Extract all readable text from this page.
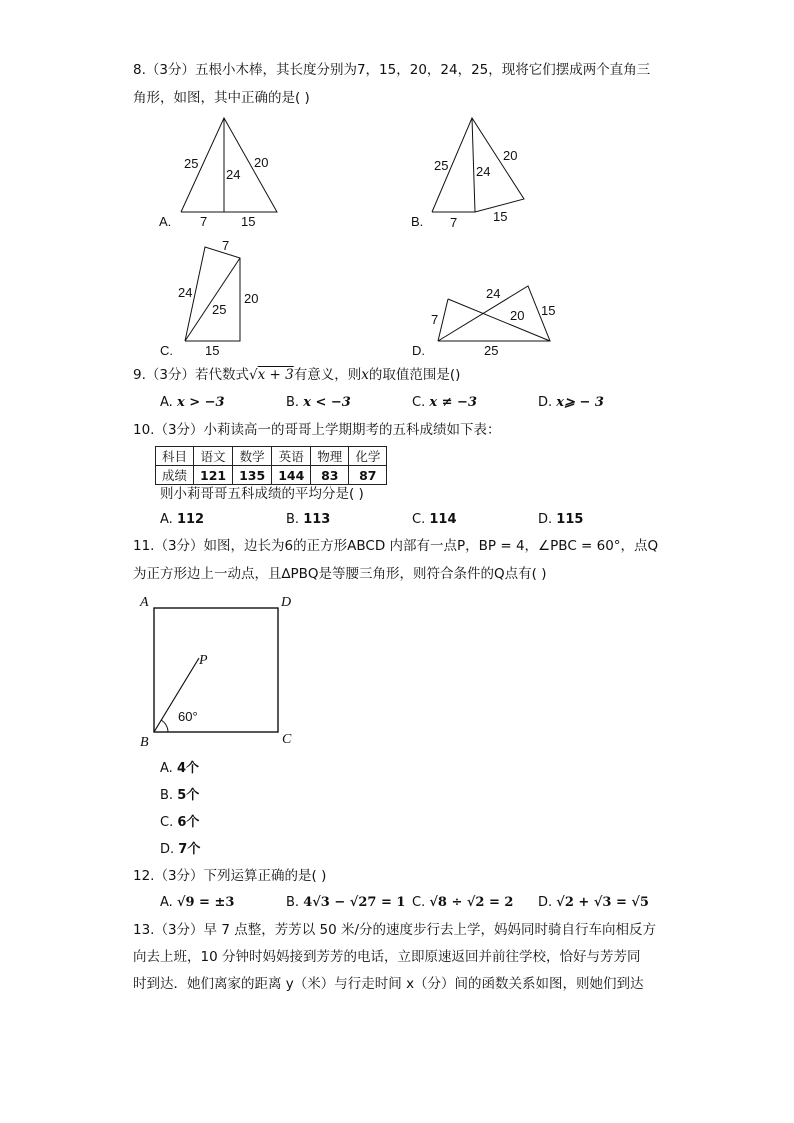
8.（3分）五根小木棒，其长度分别为7，15，20，24，25，现将它们摆成两个直角三
角形，如图，其中正确的是( )
A.
25
24
20
7	15	B.
25 24
20
7	15
C.
7
24
25
20
15	D.
24
7	20 15
25
9.（3分）若代数式√x + 3有意义，则x的取值范围是()
A. x > −3	B. x < −3	C. x ≠ −3	D. x⩾ − 3
10.（3分）小莉读高一的哥哥上学期期考的五科成绩如下表：
科目	语文	数学	英语	物理	化学
成绩	121	135	144	83	87
则小莉哥哥五科成绩的平均分是( )
A. 112	B. 113	C. 114	D. 115
11.（3分）如图，边长为6的正方形ABCD 内部有一点P，BP = 4，∠PBC = 60°，点Q
为正方形边上一动点，且∆PBQ是等腰三角形，则符合条件的Q点有( )
A	D
B	C
P
60°
A. 4个
B. 5个
C. 6个
D. 7个
12.（3分）下列运算正确的是( )
A. √9 = ±3	B. 4√3 − √27 = 1 C. √8 ÷ √2 = 2 D. √2 + √3 = √5
13.（3分）早 7 点整，芳芳以 50 米/分的速度步行去上学，妈妈同时骑自行车向相反方
向去上班，10 分钟时妈妈接到芳芳的电话，立即原速返回并前往学校，恰好与芳芳同
时到达．她们离家的距离 y（米）与行走时间 x（分）间的函数关系如图，则她们到达
